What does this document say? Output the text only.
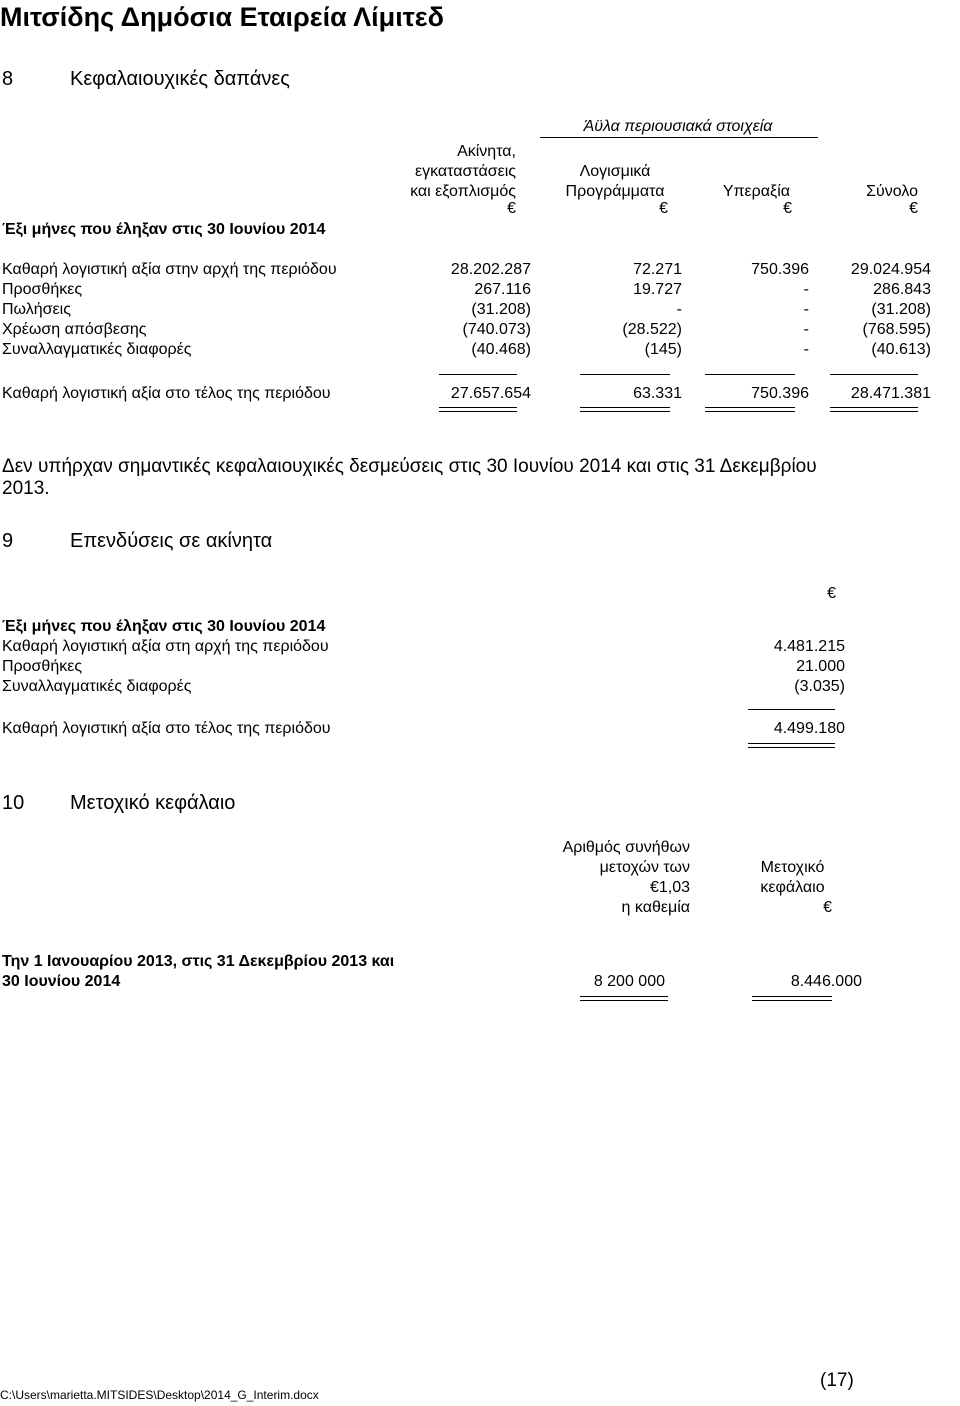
Μιτσίδης Δημόσια Εταιρεία Λίμιτεδ
8	Κεφαλαιουχικές δαπάνες
Άϋλα περιουσιακά στοιχεία
Ακίνητα,
εγκαταστάσεις
και εξοπλισμός
Λογισμικά
Προγράμματα	Υπεραξία	Σύνολο
€	€	€	€
Έξι μήνες που έληξαν στις 30 Ιουνίου 2014
Καθαρή λογιστική αξία στην αρχή της περιόδου	28.202.287	72.271	750.396	29.024.954
Προσθήκες	267.116	19.727	-	286.843
Πωλήσεις	(31.208)	-	-	(31.208)
Χρέωση απόσβεσης	(740.073)	(28.522)	-	(768.595)
Συναλλαγματικές διαφορές	(40.468)	(145)	-	(40.613)
Καθαρή λογιστική αξία στο τέλος της περιόδου	27.657.654	63.331	750.396	28.471.381
Δεν υπήρχαν σημαντικές κεφαλαιουχικές δεσμεύσεις στις 30 Ιουνίου 2014 και στις 31 Δεκεμβρίου 2013.
9	Επενδύσεις σε ακίνητα
€
Έξι μήνες που έληξαν στις 30 Ιουνίου 2014
Καθαρή λογιστική αξία στη αρχή της περιόδου	4.481.215
Προσθήκες	21.000
Συναλλαγματικές διαφορές	(3.035)
Καθαρή λογιστική αξία στο τέλος της περιόδου	4.499.180
10 Μετοχικό κεφάλαιο
Αριθμός συνήθων
μετοχών των
€1,03
η καθεμία
Μετοχικό
κεφάλαιο
€
Την 1 Ιανουαρίου 2013, στις 31 Δεκεμβρίου 2013 και
30 Ιουνίου 2014	8 200 000	8.446.000
C:\Users\marietta.MITSIDES\Desktop\2014_G_Interim.docx
(17)
